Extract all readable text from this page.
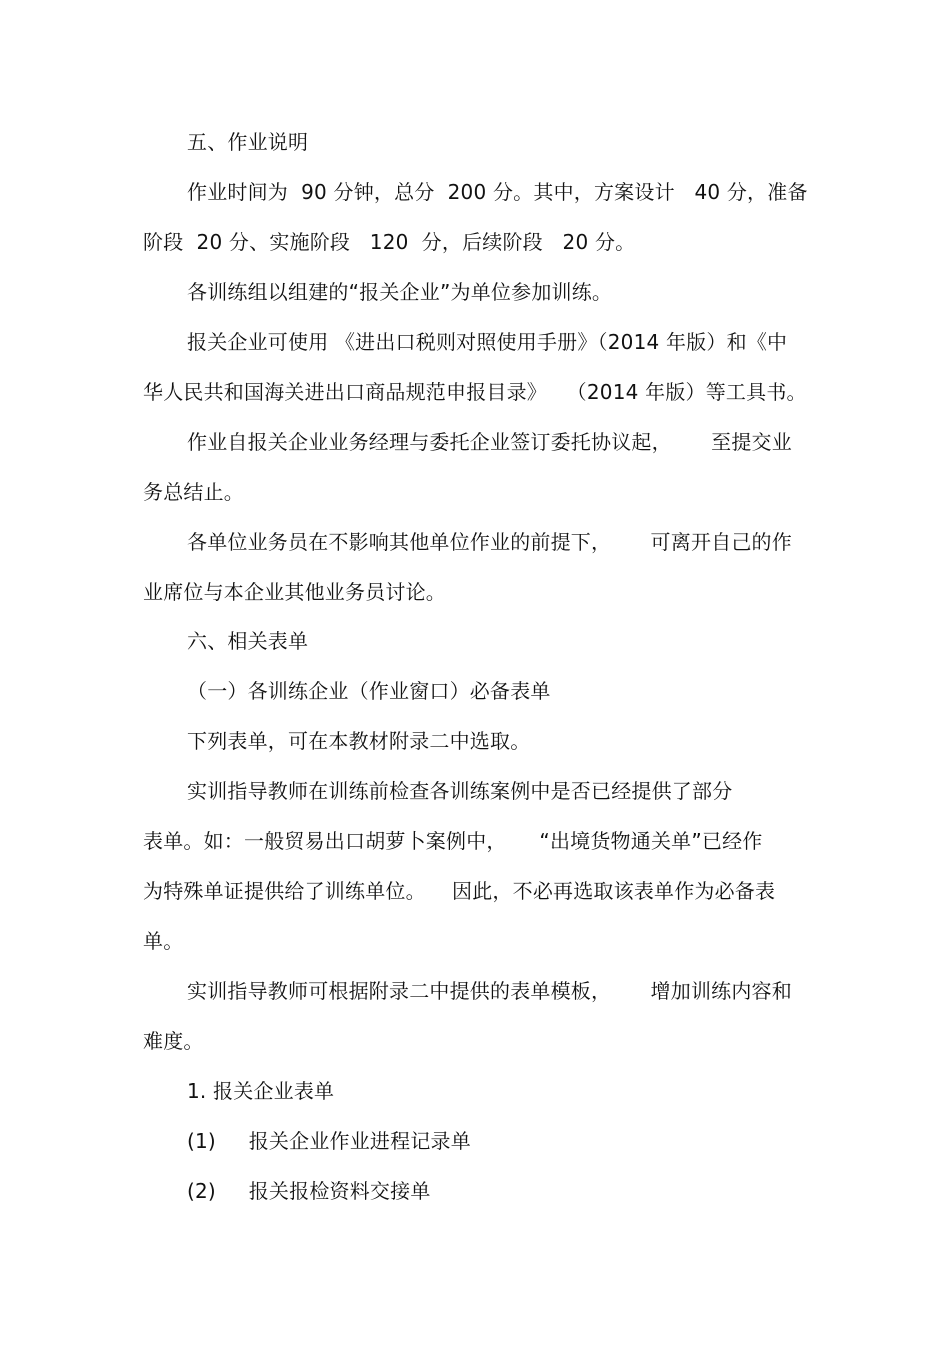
五、作业说明
作业时间为  90 分钟，总分  200 分。其中，方案设计   40 分，准备
阶段  20 分、实施阶段   120  分，后续阶段   20 分。
各训练组以组建的“报关企业”为单位参加训练。
报关企业可使用 《进出口税则对照使用手册》（2014 年版）和《中
华人民共和国海关进出口商品规范申报目录》   （2014 年版）等工具书。
作业自报关企业业务经理与委托企业签订委托协议起，      至提交业
务总结止。
各单位业务员在不影响其他单位作业的前提下，      可离开自己的作
业席位与本企业其他业务员讨论。
六、相关表单
（一）各训练企业（作业窗口）必备表单
下列表单，可在本教材附录二中选取。
实训指导教师在训练前检查各训练案例中是否已经提供了部分
表单。如：一般贸易出口胡萝卜案例中，     “出境货物通关单”已经作
为特殊单证提供给了训练单位。    因此，不必再选取该表单作为必备表
单。
实训指导教师可根据附录二中提供的表单模板，      增加训练内容和
难度。
1. 报关企业表单
(1)     报关企业作业进程记录单
(2)     报关报检资料交接单
